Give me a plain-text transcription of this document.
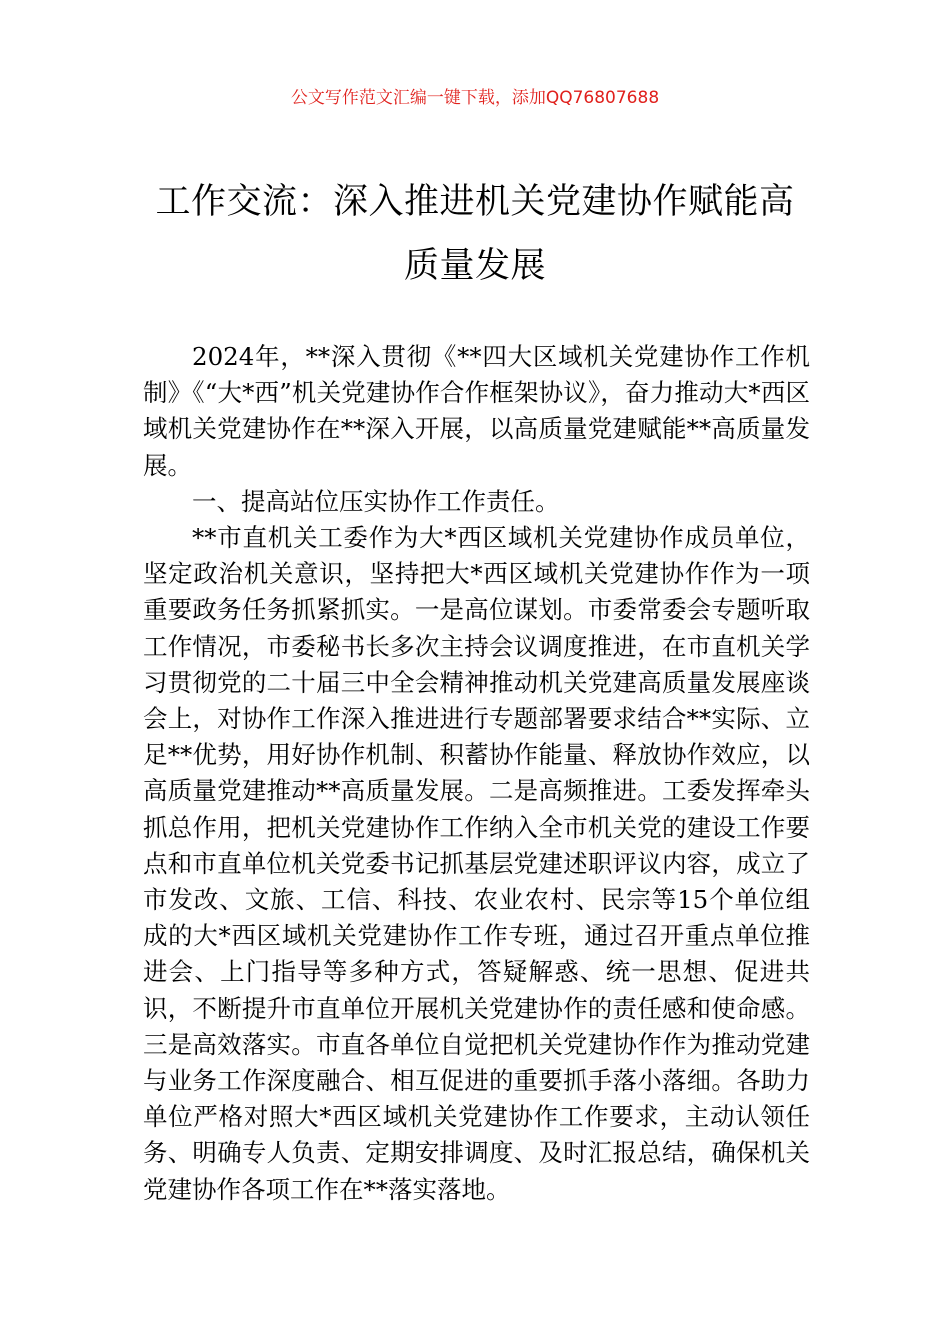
公文写作范文汇编一键下载，添加QQ76807688
工作交流：深入推进机关党建协作赋能高
质量发展

2024年，**深入贯彻《**四大区域机关党建协作工作机制》《“大*西”机关党建协作合作框架协议》，奋力推动大*西区域机关党建协作在**深入开展，以高质量党建赋能**高质量发展。

一、提高站位压实协作工作责任。

**市直机关工委作为大*西区域机关党建协作成员单位，坚定政治机关意识，坚持把大*西区域机关党建协作作为一项重要政务任务抓紧抓实。一是高位谋划。市委常委会专题听取工作情况，市委秘书长多次主持会议调度推进，在市直机关学习贯彻党的二十届三中全会精神推动机关党建高质量发展座谈会上，对协作工作深入推进进行专题部署要求结合**实际、立足**优势，用好协作机制、积蓄协作能量、释放协作效应，以高质量党建推动**高质量发展。二是高频推进。工委发挥牵头抓总作用，把机关党建协作工作纳入全市机关党的建设工作要点和市直单位机关党委书记抓基层党建述职评议内容，成立了市发改、文旅、工信、科技、农业农村、民宗等15个单位组成的大*西区域机关党建协作工作专班，通过召开重点单位推进会、上门指导等多种方式，答疑解惑、统一思想、促进共识，不断提升市直单位开展机关党建协作的责任感和使命感。三是高效落实。市直各单位自觉把机关党建协作作为推动党建与业务工作深度融合、相互促进的重要抓手落小落细。各助力单位严格对照大*西区域机关党建协作工作要求，主动认领任务、明确专人负责、定期安排调度、及时汇报总结，确保机关党建协作各项工作在**落实落地。
